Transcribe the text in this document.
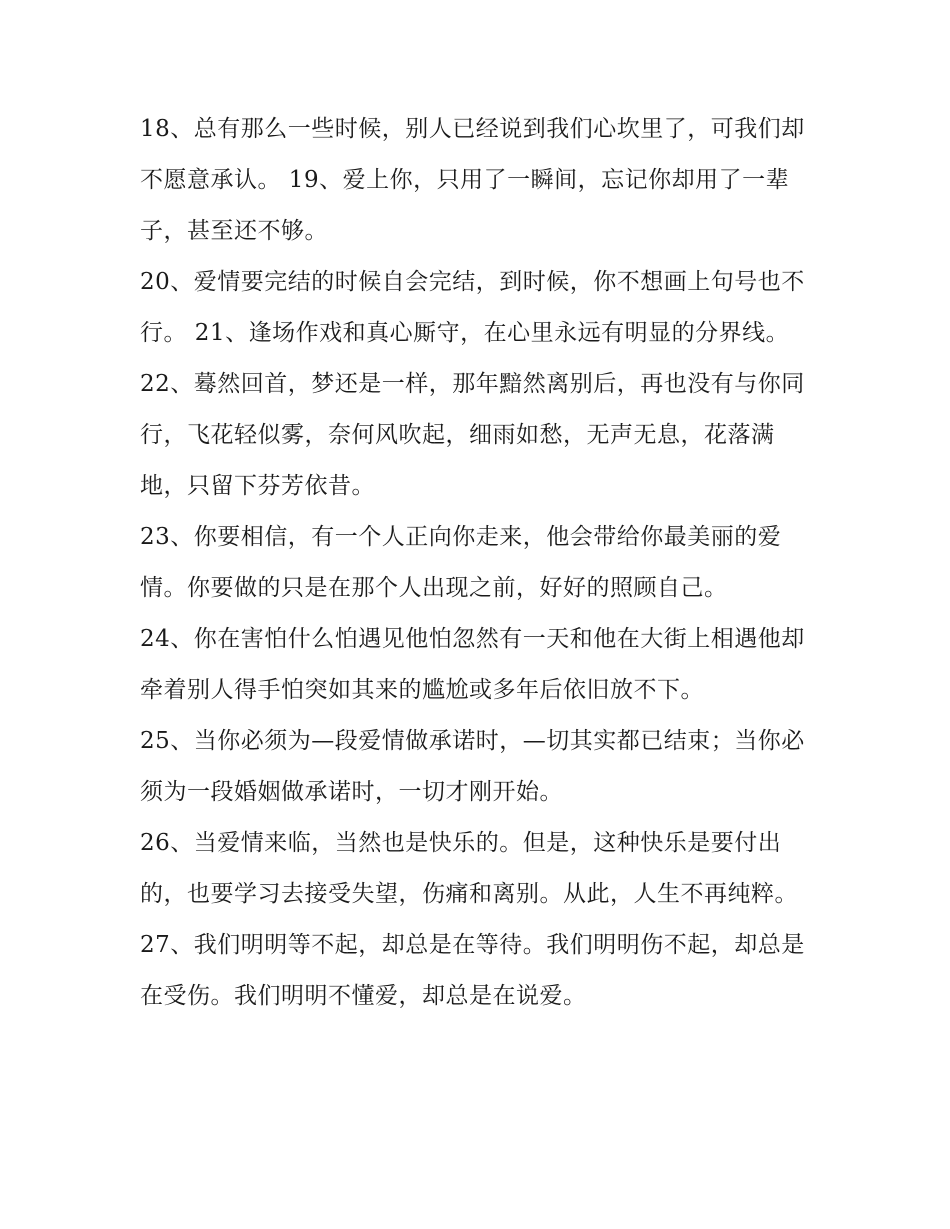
18、总有那么一些时候，别人已经说到我们心坎里了，可我们却不愿意承认。 19、爱上你，只用了一瞬间，忘记你却用了一辈子，甚至还不够。

20、爱情要完结的时候自会完结，到时候，你不想画上句号也不行。 21、逢场作戏和真心厮守，在心里永远有明显的分界线。

22、蓦然回首，梦还是一样，那年黯然离别后，再也没有与你同行，飞花轻似雾，奈何风吹起，细雨如愁，无声无息，花落满地，只留下芬芳依昔。

23、你要相信，有一个人正向你走来，他会带给你最美丽的爱情。你要做的只是在那个人出现之前，好好的照顾自己。

24、你在害怕什么怕遇见他怕忽然有一天和他在大街上相遇他却牵着别人得手怕突如其来的尴尬或多年后依旧放不下。

25、当你必须为—段爱情做承诺时，—切其实都已结束；当你必须为一段婚姻做承诺时，一切才刚开始。

26、当爱情来临，当然也是快乐的。但是，这种快乐是要付出的，也要学习去接受失望，伤痛和离别。从此，人生不再纯粹。

27、我们明明等不起，却总是在等待。我们明明伤不起，却总是在受伤。我们明明不懂爱，却总是在说爱。
